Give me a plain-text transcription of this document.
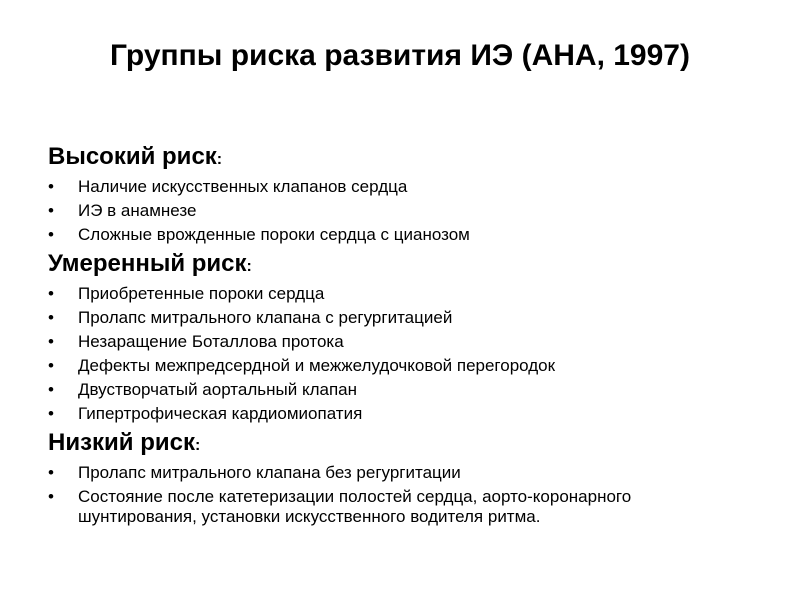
Группы риска развития ИЭ (AHA, 1997)

Высокий риск:

• Наличие искусственных клапанов сердца
• ИЭ в анамнезе
• Сложные врожденные пороки сердца с цианозом

Умеренный риск:

• Приобретенные пороки сердца
• Пролапс митрального клапана с регургитацией
• Незаращение Боталлова протока
• Дефекты межпредсердной и межжелудочковой перегородок
• Двустворчатый аортальный клапан
• Гипертрофическая кардиомиопатия

Низкий риск:

• Пролапс митрального клапана без регургитации
• Состояние после катетеризации полостей сердца, аорто-коронарного шунтирования, установки искусственного водителя ритма.
